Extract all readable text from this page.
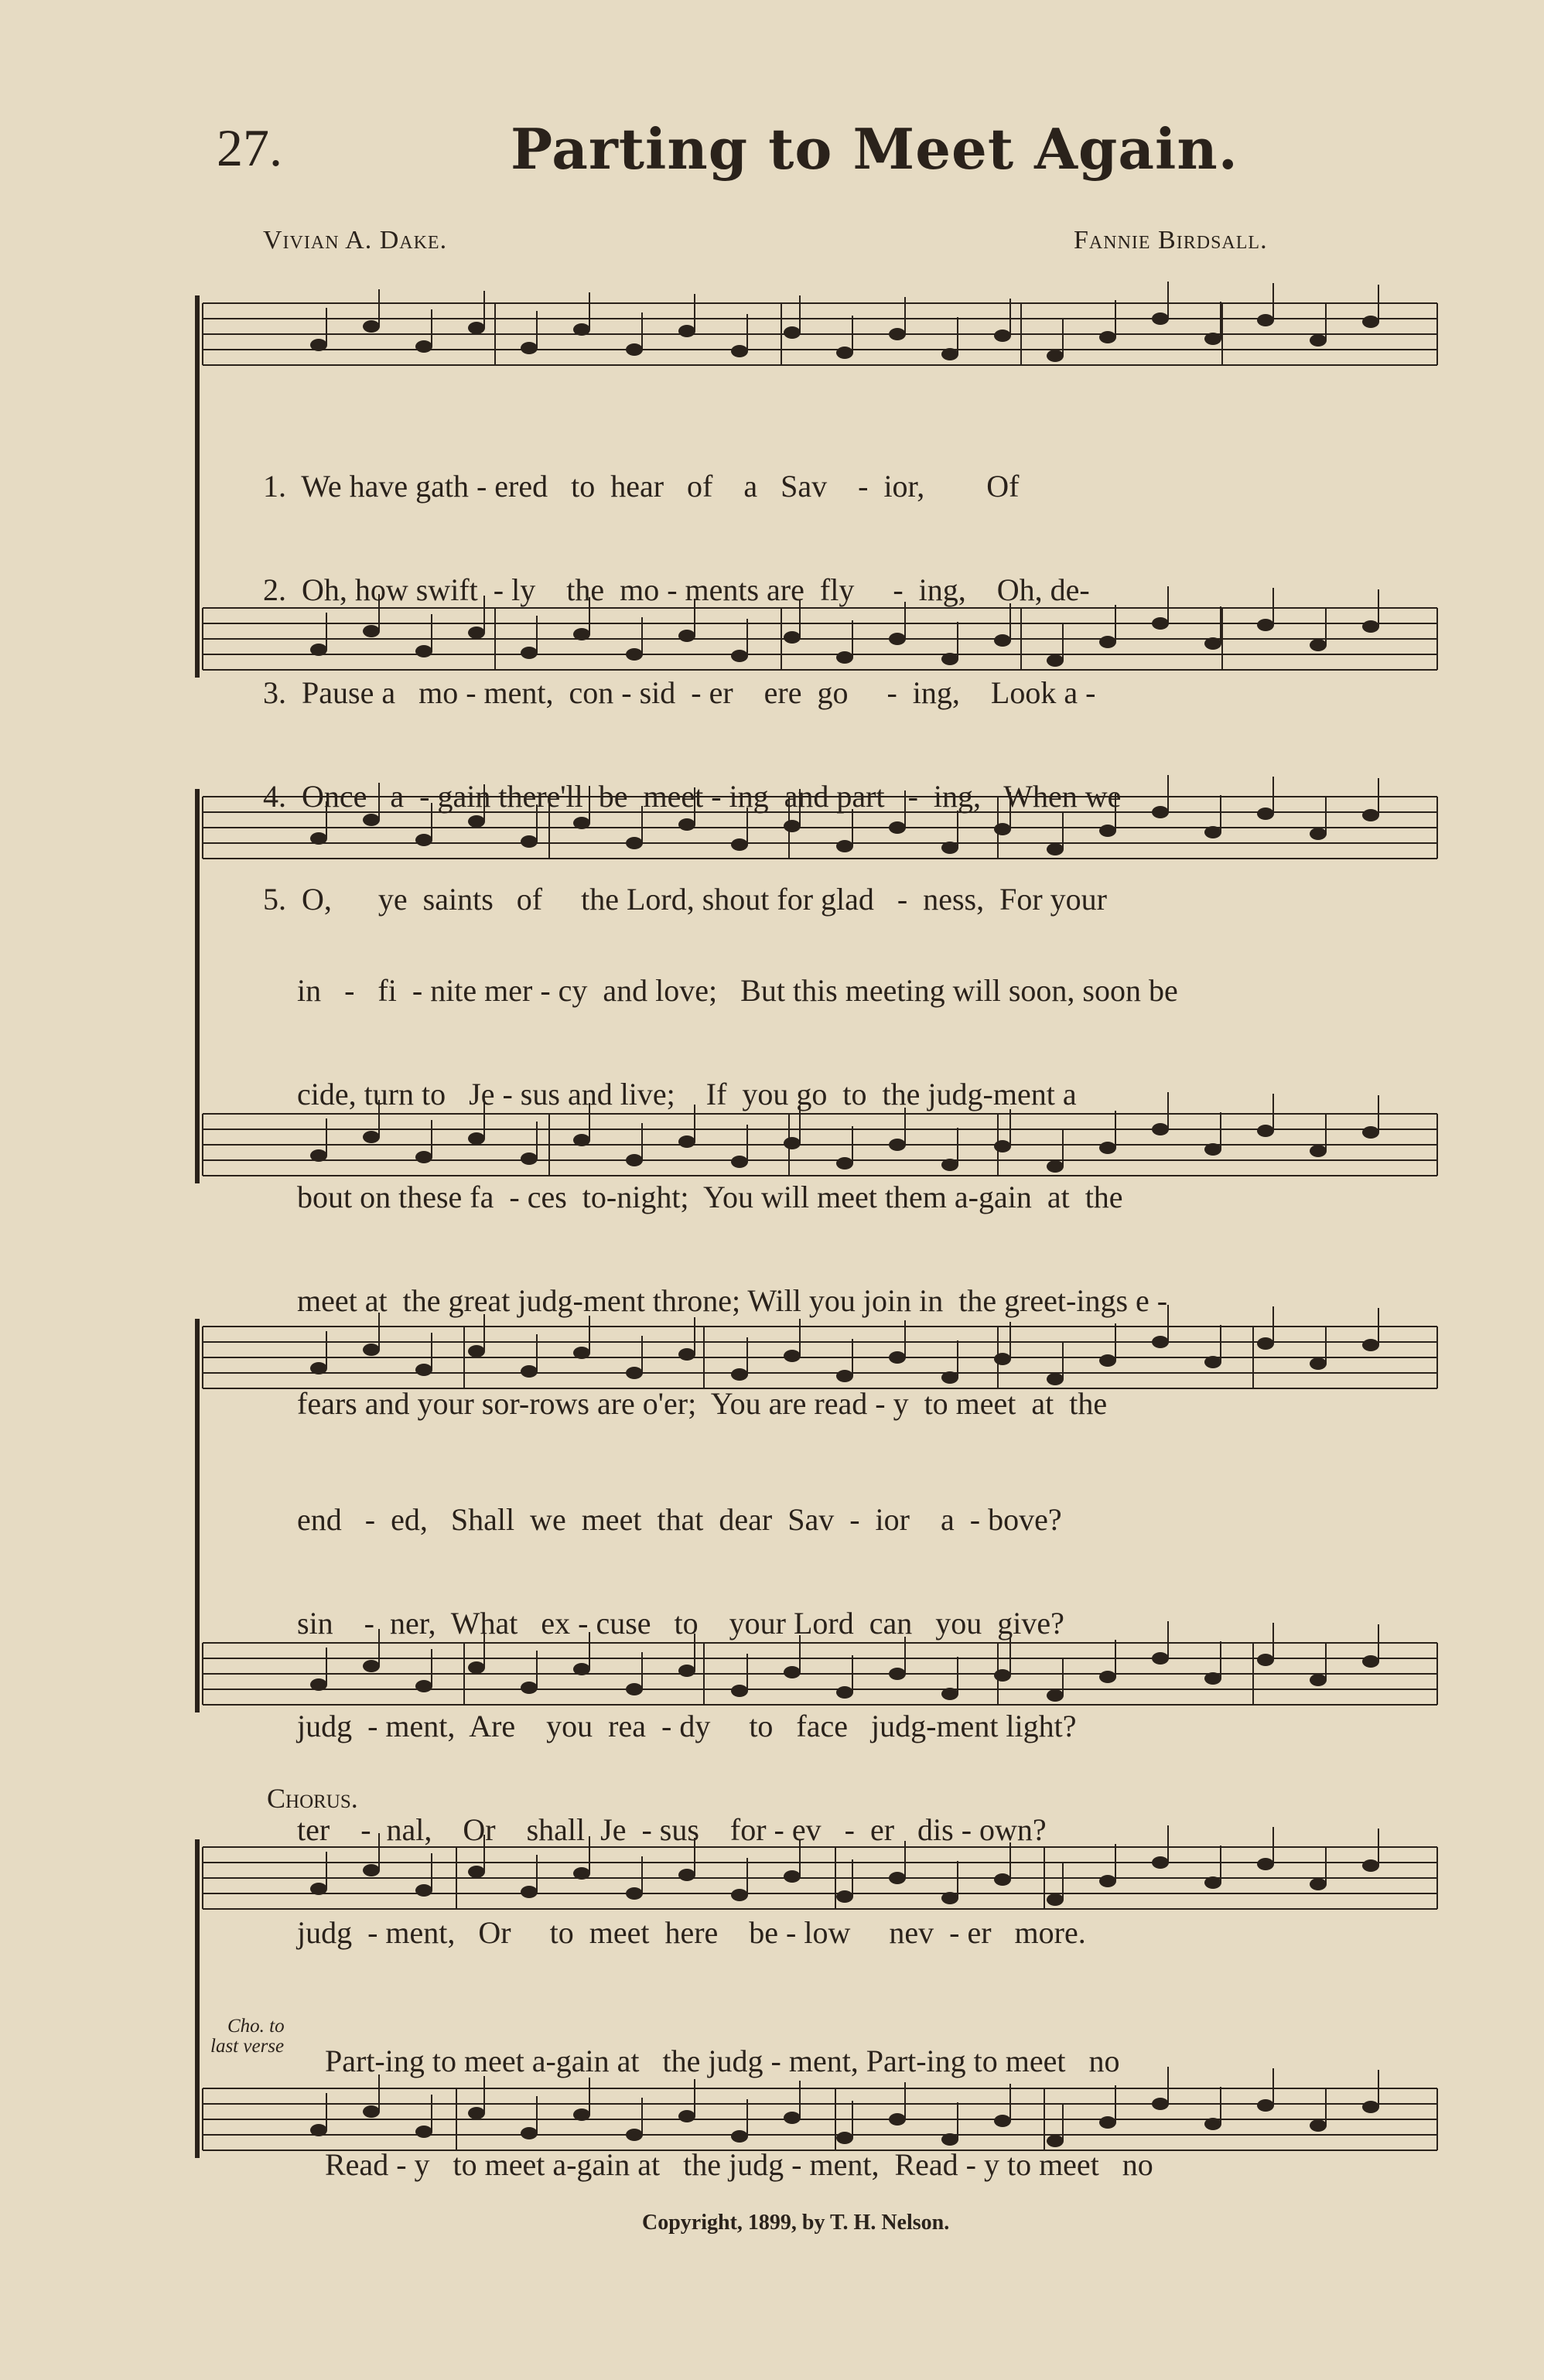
27.	Parting to Meet Again.
Vivian A. Dake.	Fannie Birdsall.

1.  We have gath - ered   to  hear   of    a   Sav    -  ior,        Of

2.  Oh, how swift  - ly    the  mo - ments are  fly     -  ing,    Oh, de-

3.  Pause a   mo - ment,  con - sid  - er    ere  go     -  ing,    Look a -

4.  Once   a  - gain there'll  be  meet - ing  and part   -  ing,   When we

5.  O,      ye  saints   of     the Lord, shout for glad   -  ness,  For your

in   -   fi  - nite mer - cy  and love;   But this meeting will soon, soon be

cide, turn to   Je - sus and live;    If  you go  to  the judg-ment a

bout on these fa  - ces  to-night;  You will meet them a-gain  at  the

meet at  the great judg-ment throne; Will you join in  the greet-ings e -

fears and your sor-rows are o'er;  You are read - y  to meet  at  the

end   -  ed,   Shall  we  meet  that  dear  Sav  -  ior    a  - bove?

sin    -  ner,  What   ex - cuse   to    your Lord  can   you  give?

judg  - ment,  Are    you  rea  - dy     to   face   judg-ment light?

ter    -  nal,    Or    shall  Je  - sus    for - ev   -  er   dis - own?

judg  - ment,   Or     to  meet  here    be - low     nev  - er   more.

Chorus.

Part-ing to meet a-gain at   the judg - ment, Part-ing to meet   no

Read - y   to meet a-gain at   the judg - ment,  Read - y to meet   no

Cho. to
last verse
Copyright, 1899, by T. H. Nelson.
